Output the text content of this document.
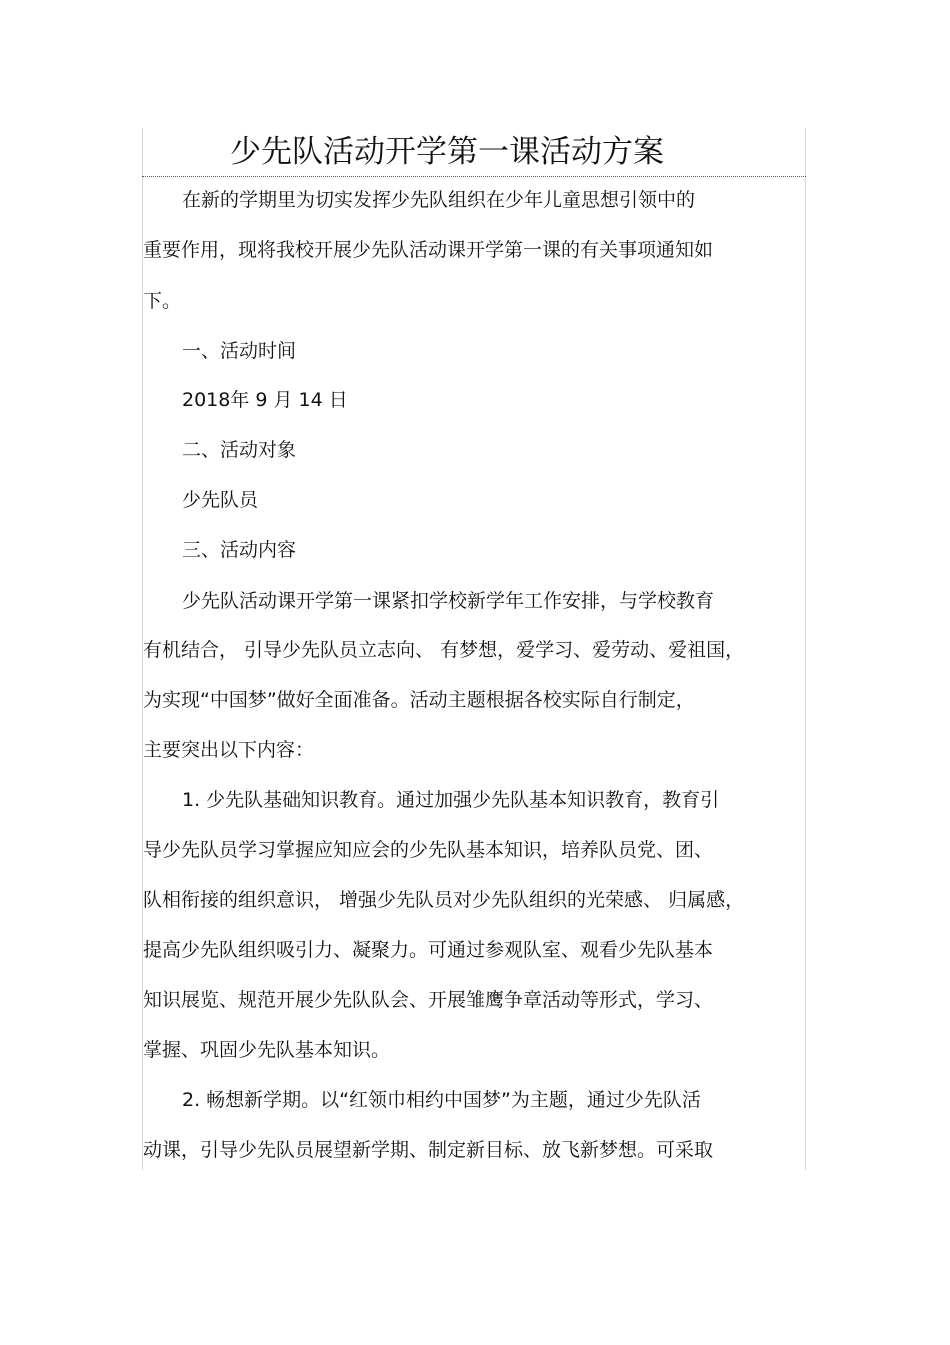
少先队活动开学第一课活动方案
在新的学期里为切实发挥少先队组织在少年儿童思想引领中的
重要作用，现将我校开展少先队活动课开学第一课的有关事项通知如
下。
一、活动时间
2018年 9 月 14 日
二、活动对象
少先队员
三、活动内容
少先队活动课开学第一课紧扣学校新学年工作安排，与学校教育
有机结合， 引导少先队员立志向、 有梦想，爱学习、爱劳动、爱祖国，
为实现“中国梦”做好全面准备。活动主题根据各校实际自行制定，
主要突出以下内容：
1. 少先队基础知识教育。通过加强少先队基本知识教育，教育引
导少先队员学习掌握应知应会的少先队基本知识，培养队员党、团、
队相衔接的组织意识， 增强少先队员对少先队组织的光荣感、 归属感，
提高少先队组织吸引力、凝聚力。可通过参观队室、观看少先队基本
知识展览、规范开展少先队队会、开展雏鹰争章活动等形式，学习、
掌握、巩固少先队基本知识。
2. 畅想新学期。以“红领巾相约中国梦”为主题，通过少先队活
动课，引导少先队员展望新学期、制定新目标、放飞新梦想。可采取
